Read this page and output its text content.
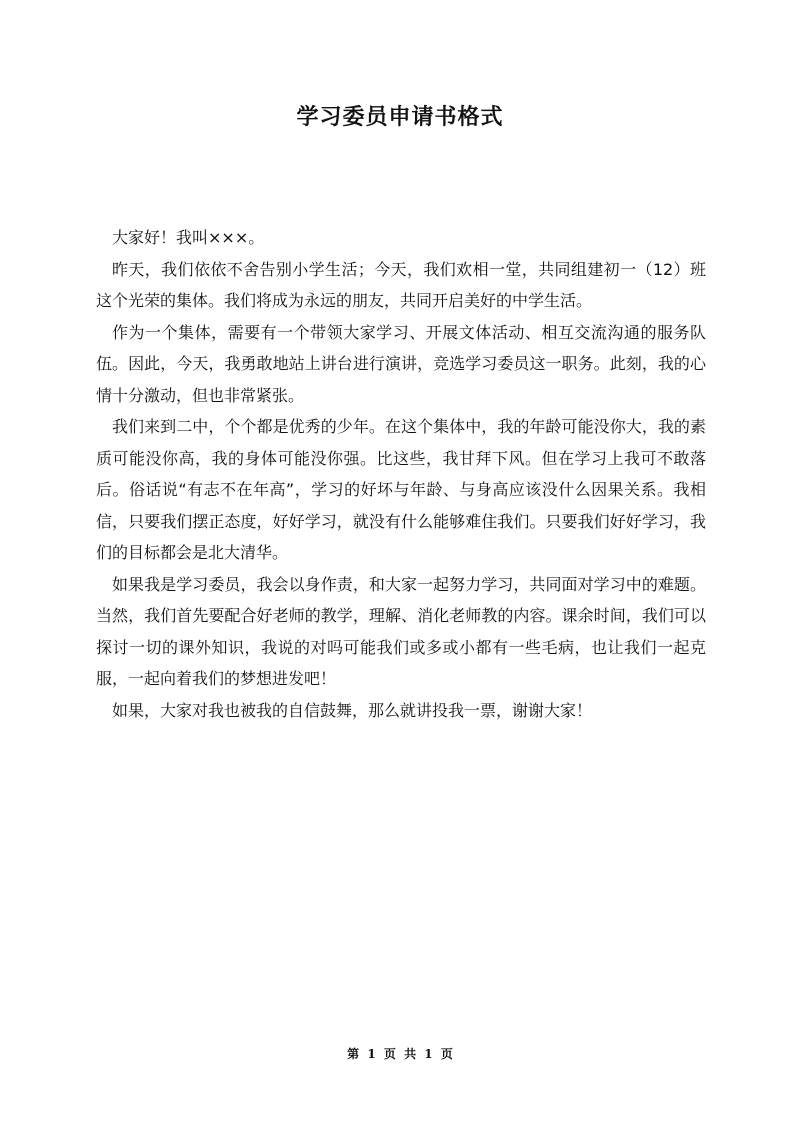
学习委员申请书格式

大家好！我叫×××。

昨天，我们依依不舍告别小学生活；今天，我们欢相一堂，共同组建初一（12）班这个光荣的集体。我们将成为永远的朋友，共同开启美好的中学生活。

作为一个集体，需要有一个带领大家学习、开展文体活动、相互交流沟通的服务队伍。因此，今天，我勇敢地站上讲台进行演讲，竞选学习委员这一职务。此刻，我的心情十分激动，但也非常紧张。

我们来到二中，个个都是优秀的少年。在这个集体中，我的年龄可能没你大，我的素质可能没你高，我的身体可能没你强。比这些，我甘拜下风。但在学习上我可不敢落后。俗话说“有志不在年高”，学习的好坏与年龄、与身高应该没什么因果关系。我相信，只要我们摆正态度，好好学习，就没有什么能够难住我们。只要我们好好学习，我们的目标都会是北大清华。

如果我是学习委员，我会以身作责，和大家一起努力学习，共同面对学习中的难题。当然，我们首先要配合好老师的教学，理解、消化老师教的内容。课余时间，我们可以探讨一切的课外知识，我说的对吗可能我们或多或小都有一些毛病，也让我们一起克服，一起向着我们的梦想进发吧！

如果，大家对我也被我的自信鼓舞，那么就讲投我一票，谢谢大家！

第 1 页 共 1 页
